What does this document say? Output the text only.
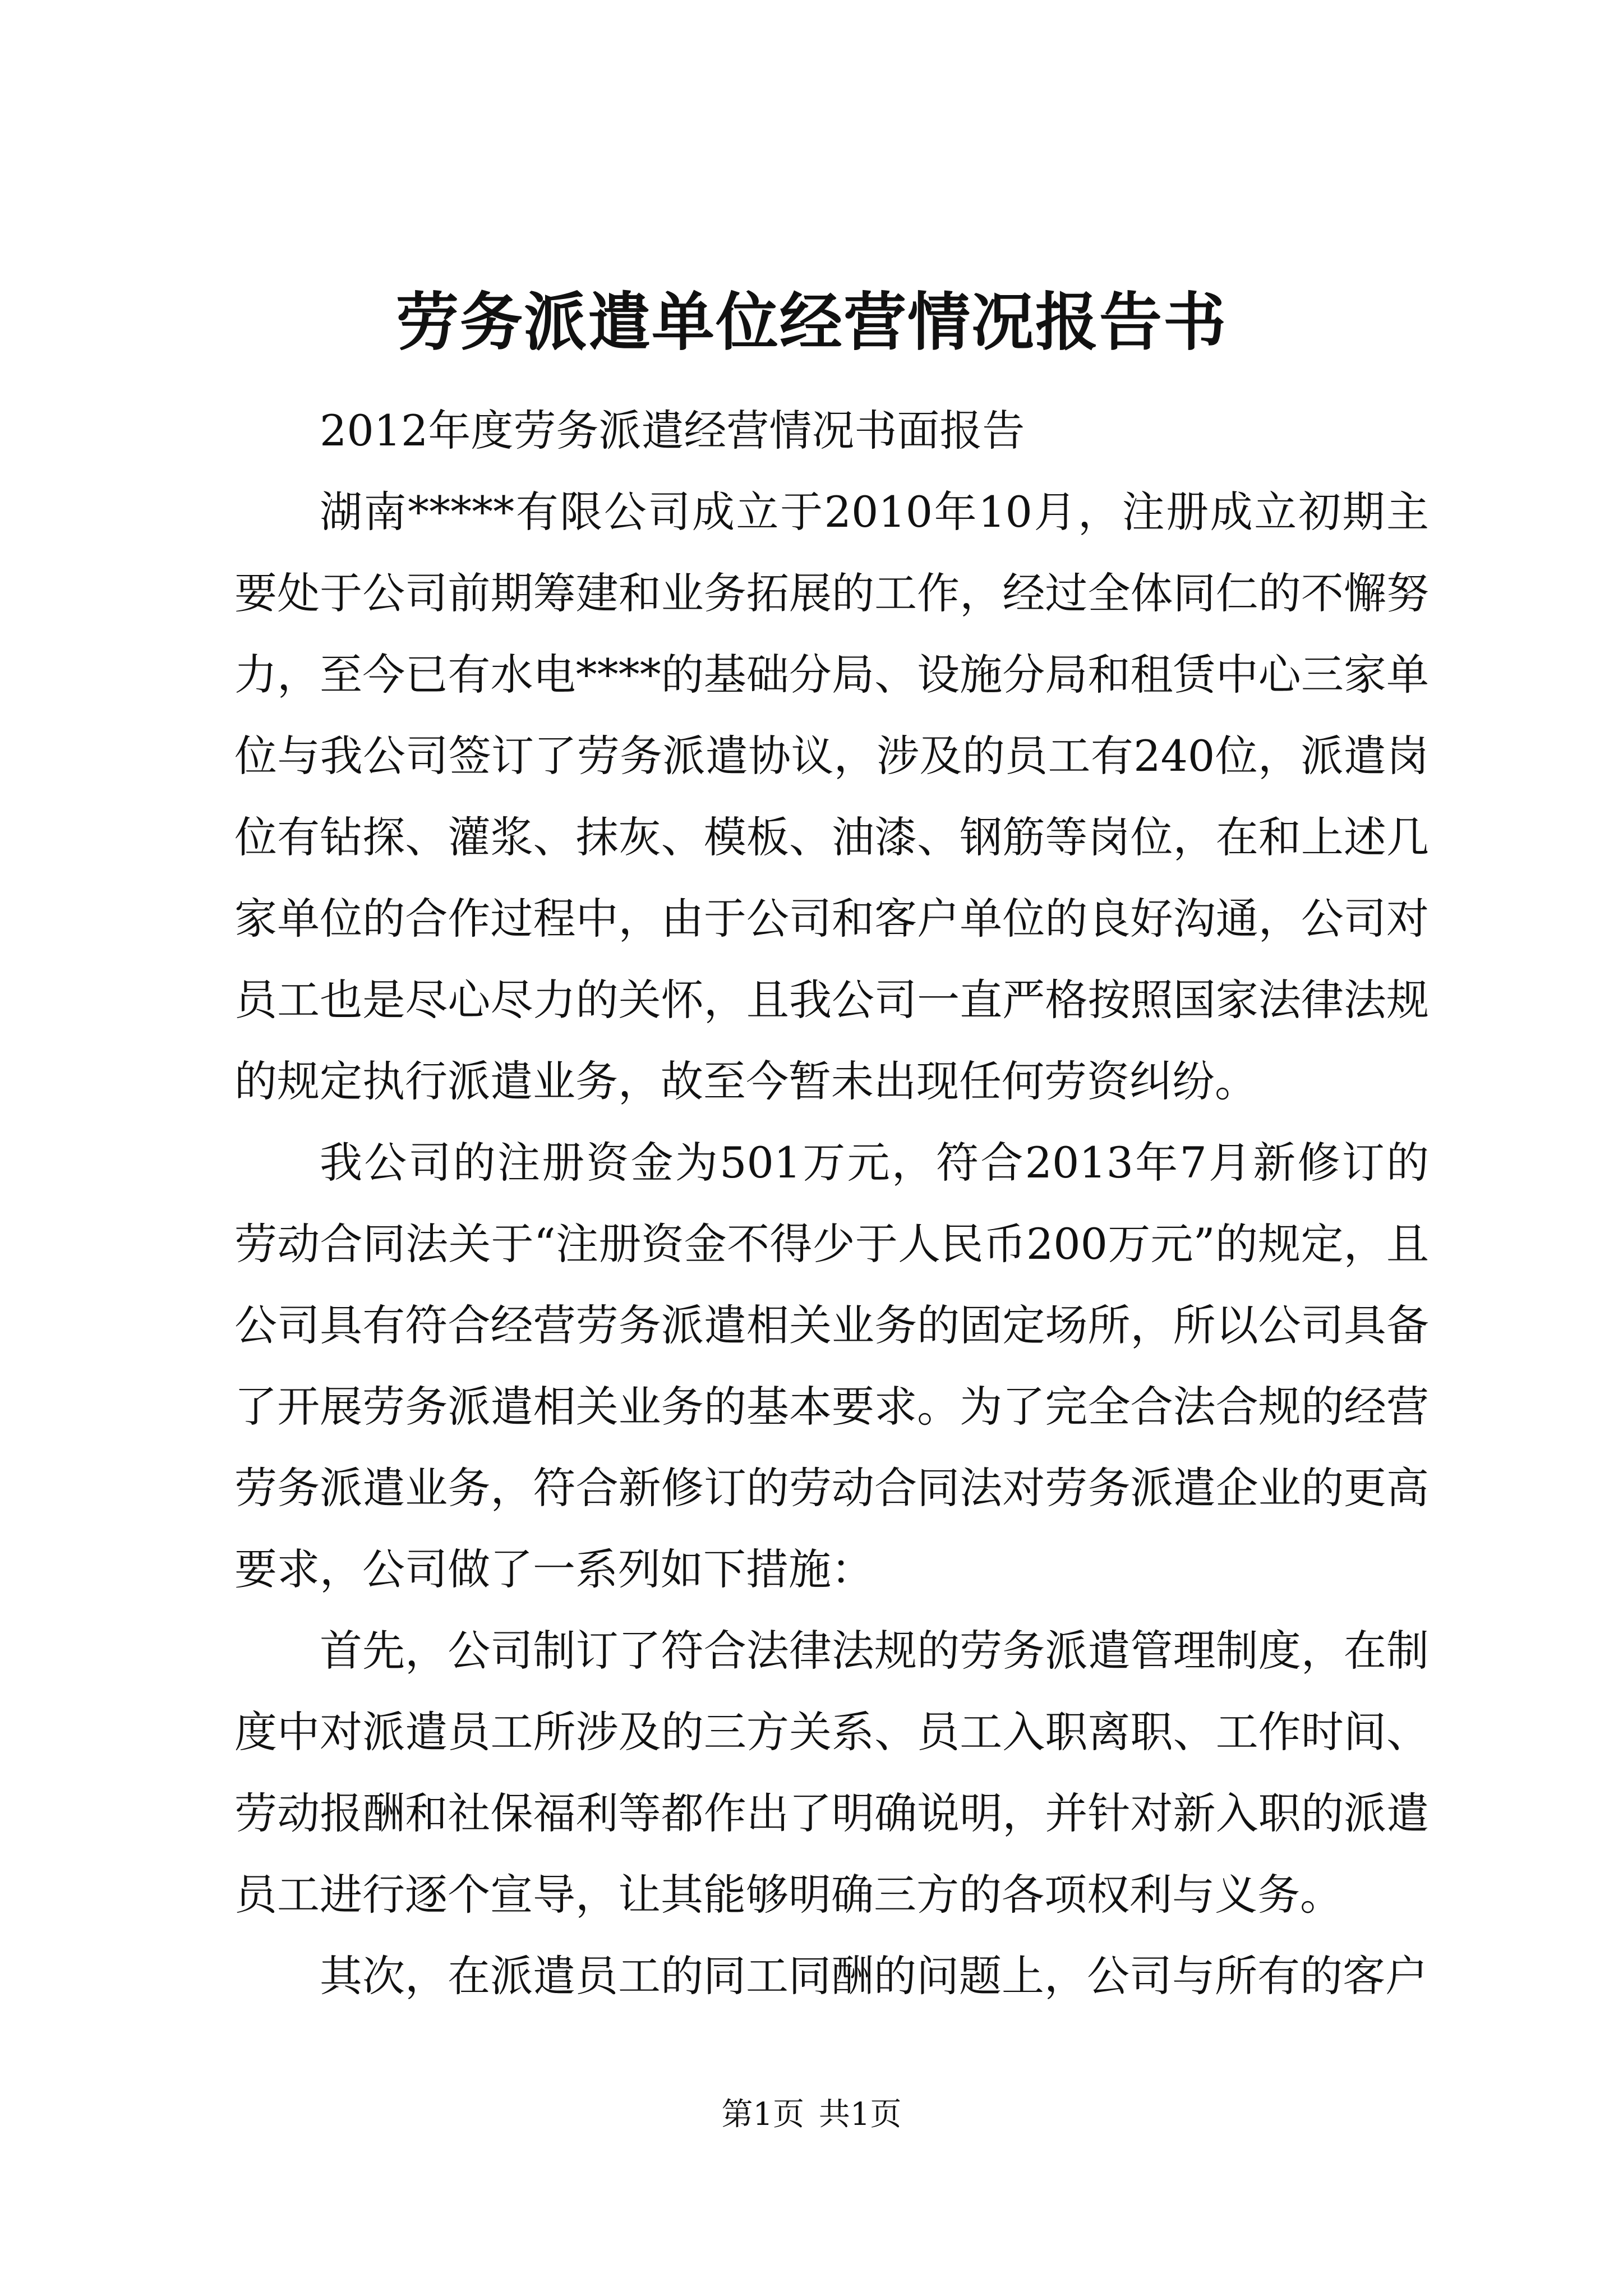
劳务派遣单位经营情况报告书

2012年度劳务派遣经营情况书面报告

湖南*****有限公司成立于2010年10月，注册成立初期主要处于公司前期筹建和业务拓展的工作，经过全体同仁的不懈努力，至今已有水电****的基础分局、设施分局和租赁中心三家单位与我公司签订了劳务派遣协议，涉及的员工有240位，派遣岗位有钻探、灌浆、抹灰、模板、油漆、钢筋等岗位，在和上述几家单位的合作过程中，由于公司和客户单位的良好沟通，公司对员工也是尽心尽力的关怀，且我公司一直严格按照国家法律法规的规定执行派遣业务，故至今暂未出现任何劳资纠纷。

我公司的注册资金为501万元，符合2013年7月新修订的劳动合同法关于“注册资金不得少于人民币200万元”的规定，且公司具有符合经营劳务派遣相关业务的固定场所，所以公司具备了开展劳务派遣相关业务的基本要求。为了完全合法合规的经营劳务派遣业务，符合新修订的劳动合同法对劳务派遣企业的更高要求，公司做了一系列如下措施：

首先，公司制订了符合法律法规的劳务派遣管理制度，在制度中对派遣员工所涉及的三方关系、员工入职离职、工作时间、劳动报酬和社保福利等都作出了明确说明，并针对新入职的派遣员工进行逐个宣导，让其能够明确三方的各项权利与义务。

其次，在派遣员工的同工同酬的问题上，公司与所有的客户

第1页 共1页
